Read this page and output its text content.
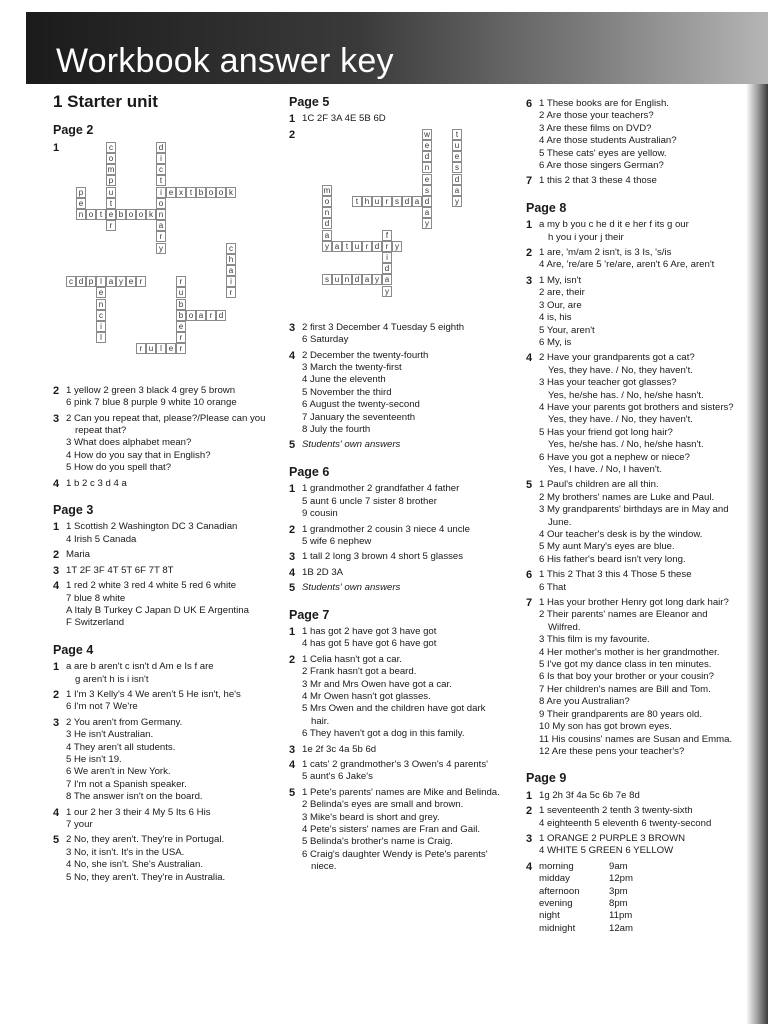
Workbook answer key
1 Starter unit
Page 2
1	c
o
m
p
u
t
e
r
d
i
c
t
i
o
n
a
r
y
e x t b o o k
p
e
n o t	b o o k
c
h
a
i
r
c d p l a y e r
e
n
c
i
l
r
u
b
b
e
r
o a r d
r u l e r
2 1 yellow 2 green 3 black 4 grey 5 brown
6 pink 7 blue 8 purple 9 white 10 orange
3 2 Can you repeat that, please?/Please can you
repeat that?
3 What does alphabet mean?
4 How do you say that in English?
5 How do you spell that?
4 1 b 2 c 3 d 4 a
Page 3
1 1 Scottish 2 Washington DC 3 Canadian
4 Irish 5 Canada
2 Maria
3 1T 2F 3F 4T 5T 6F 7T 8T
4 1 red 2 white 3 red 4 white 5 red 6 white
7 blue 8 white
A Italy B Turkey C Japan D UK E Argentina
F Switzerland
Page 4
1 a are b aren't c isn't d Am e Is f are
g aren't h is i isn't
2 1 I'm 3 Kelly's 4 We aren't 5 He isn't, he's
6 I'm not 7 We're
3 2 You aren't from Germany.
3 He isn't Australian.
4 They aren't all students.
5 He isn't 19.
6 We aren't in New York.
7 I'm not a Spanish speaker.
8 The answer isn't on the board.
4 1 our 2 her 3 their 4 My 5 Its 6 His
7 your
5 2 No, they aren't. They're in Portugal.
3 No, it isn't. It's in the USA.
4 No, she isn't. She's Australian.
5 No, they aren't. They're in Australia.
Page 5
1 1C 2F 3A 4E 5B 6D
2	w
e
d
n
e
s
d
a
y
t
u
e
s
d
a
y
m
o
n
d
a
y
t h u r s d a
f
r
i
d
a
y
a t u r d	y
s u n d a y
3 2 first 3 December 4 Tuesday 5 eighth
6 Saturday
4 2 December the twenty-fourth
3 March the twenty-first
4 June the eleventh
5 November the third
6 August the twenty-second
7 January the seventeenth
8 July the fourth
5 Students' own answers
Page 6
1 1 grandmother 2 grandfather 4 father
5 aunt 6 uncle 7 sister 8 brother
9 cousin
2 1 grandmother 2 cousin 3 niece 4 uncle
5 wife 6 nephew
3 1 tall 2 long 3 brown 4 short 5 glasses
4 1B 2D 3A
5 Students' own answers
Page 7
1 1 has got 2 have got 3 have got
4 has got 5 have got 6 have got
2 1 Celia hasn't got a car.
2 Frank hasn't got a beard.
3 Mr and Mrs Owen have got a car.
4 Mr Owen hasn't got glasses.
5 Mrs Owen and the children have got dark
hair.
6 They haven't got a dog in this family.
3 1e 2f 3c 4a 5b 6d
4 1 cats' 2 grandmother's 3 Owen's 4 parents'
5 aunt's 6 Jake's
5 1 Pete's parents' names are Mike and Belinda.
2 Belinda's eyes are small and brown.
3 Mike's beard is short and grey.
4 Pete's sisters' names are Fran and Gail.
5 Belinda's brother's name is Craig.
6 Craig's daughter Wendy is Pete's parents'
niece.
6 1 These books are for English.
2 Are those your teachers?
3 Are these films on DVD?
4 Are those students Australian?
5 These cats' eyes are yellow.
6 Are those singers German?
7 1 this 2 that 3 these 4 those
Page 8
1 a my b you c he d it e her f its g our
h you i your j their
2 1 are, 'm/am 2 isn't, is 3 Is, 's/is
4 Are, 're/are 5 're/are, aren't 6 Are, aren't
3 1 My, isn't
2 are, their
3 Our, are
4 is, his
5 Your, aren't
6 My, is
4 2 Have your grandparents got a cat?
Yes, they have. / No, they haven't.
3 Has your teacher got glasses?
Yes, he/she has. / No, he/she hasn't.
4 Have your parents got brothers and sisters?
Yes, they have. / No, they haven't.
5 Has your friend got long hair?
Yes, he/she has. / No, he/she hasn't.
6 Have you got a nephew or niece?
Yes, I have. / No, I haven't.
5 1 Paul's children are all thin.
2 My brothers' names are Luke and Paul.
3 My grandparents' birthdays are in May and
June.
4 Our teacher's desk is by the window.
5 My aunt Mary's eyes are blue.
6 His father's beard isn't very long.
6 1 This 2 That 3 this 4 Those 5 these
6 That
7 1 Has your brother Henry got long dark hair?
2 Their parents' names are Eleanor and
Wilfred.
3 This film is my favourite.
4 Her mother's mother is her grandmother.
5 I've got my dance class in ten minutes.
6 Is that boy your brother or your cousin?
7 Her children's names are Bill and Tom.
8 Are you Australian?
9 Their grandparents are 80 years old.
10 My son has got brown eyes.
11 His cousins' names are Susan and Emma.
12 Are these pens your teacher's?
Page 9
1 1g 2h 3f 4a 5c 6b 7e 8d
2 1 seventeenth 2 tenth 3 twenty-sixth
4 eighteenth 5 eleventh 6 twenty-second
3 1 ORANGE 2 PURPLE 3 BROWN
4 WHITE 5 GREEN 6 YELLOW
4 morning	9am
midday	12pm
afternoon	3pm
evening	8pm
night	11pm
midnight	12am
